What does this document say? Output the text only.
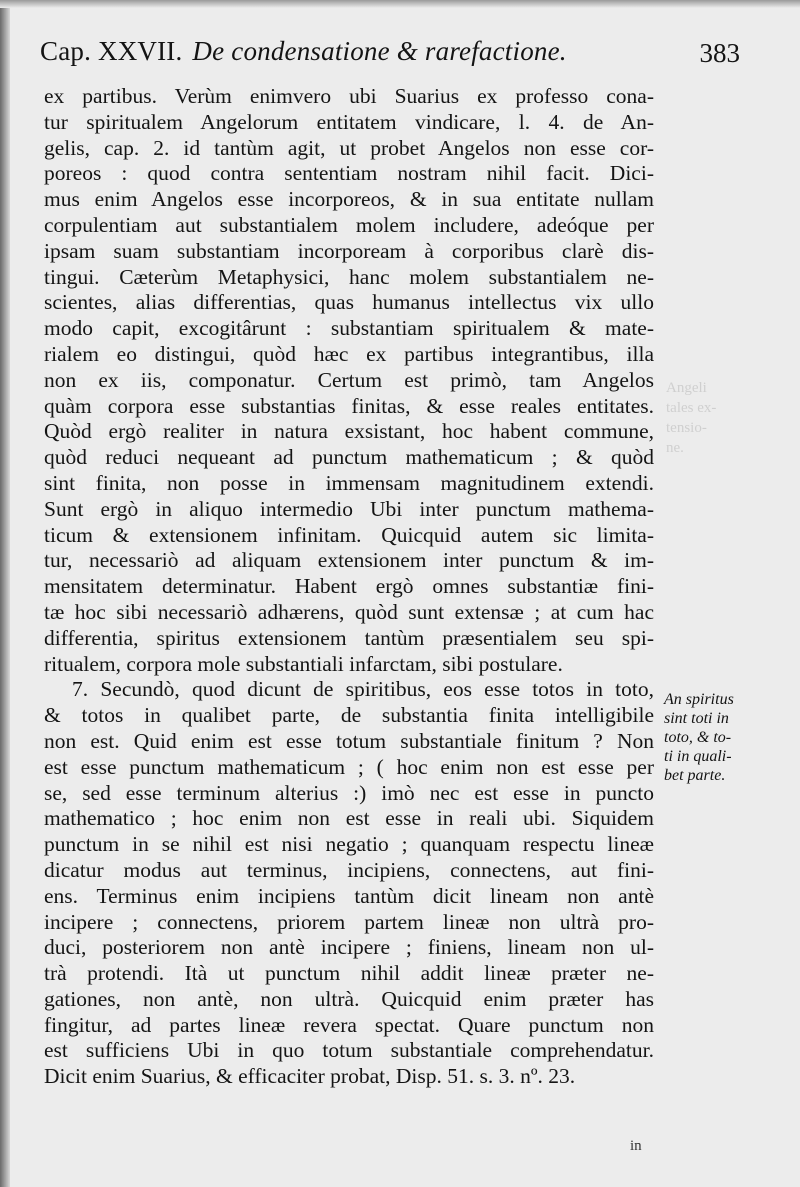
Cap. XXVII. De condensatione & rarefactione.	383
ex partibus. Verùm enimvero ubi Suarius ex professo cona-
tur spiritualem Angelorum entitatem vindicare, l. 4. de An-
gelis, cap. 2. id tantùm agit, ut probet Angelos non esse cor-
poreos : quod contra sententiam nostram nihil facit. Dici-
mus enim Angelos esse incorporeos, & in sua entitate nullam
corpulentiam aut substantialem molem includere, adeóque per
ipsam suam substantiam incorpoream à corporibus clarè dis-
tingui. Cæterùm Metaphysici, hanc molem substantialem ne-
scientes, alias differentias, quas humanus intellectus vix ullo
modo capit, excogitârunt : substantiam spiritualem & mate-
rialem eo distingui, quòd hæc ex partibus integrantibus, illa
non ex iis, componatur. Certum est primò, tam Angelos
quàm corpora esse substantias finitas, & esse reales entitates.
Quòd ergò realiter in natura exsistant, hoc habent commune,
quòd reduci nequeant ad punctum mathematicum ; & quòd
sint finita, non posse in immensam magnitudinem extendi.
Sunt ergò in aliquo intermedio Ubi inter punctum mathema-
ticum & extensionem infinitam. Quicquid autem sic limita-
tur, necessariò ad aliquam extensionem inter punctum & im-
mensitatem determinatur. Habent ergò omnes substantiæ fini-
tæ hoc sibi necessariò adhærens, quòd sunt extensæ ; at cum hac
differentia, spiritus extensionem tantùm præsentialem seu spi-
ritualem, corpora mole substantiali infarctam, sibi postulare.
7. Secundò, quod dicunt de spiritibus, eos esse totos in toto,
& totos in qualibet parte, de substantia finita intelligibile
non est. Quid enim est esse totum substantiale finitum ? Non
est esse punctum mathematicum ; ( hoc enim non est esse per
se, sed esse terminum alterius :) imò nec est esse in puncto
mathematico ; hoc enim non est esse in reali ubi. Siquidem
punctum in se nihil est nisi negatio ; quanquam respectu lineæ
dicatur modus aut terminus, incipiens, connectens, aut fini-
ens. Terminus enim incipiens tantùm dicit lineam non antè
incipere ; connectens, priorem partem lineæ non ultrà pro-
duci, posteriorem non antè incipere ; finiens, lineam non ul-
trà protendi. Ità ut punctum nihil addit lineæ præter ne-
gationes, non antè, non ultrà. Quicquid enim præter has
fingitur, ad partes lineæ revera spectat. Quare punctum non
est sufficiens Ubi in quo totum substantiale comprehendatur.
Dicit enim Suarius, & efficaciter probat, Disp. 51. s. 3. nº. 23.
Angeli
tales ex-
tensio-
ne.
An spiritus
sint toti in
toto, & to-
ti in quali-
bet parte.
in
